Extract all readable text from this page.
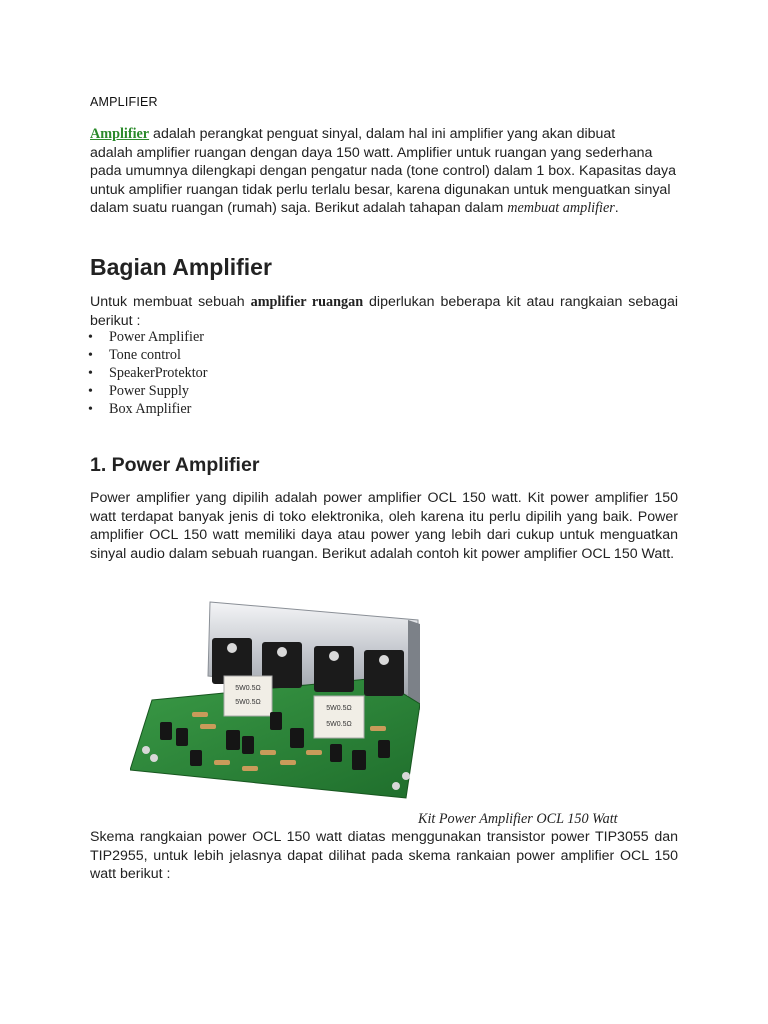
AMPLIFIER
Amplifier adalah perangkat penguat sinyal, dalam hal ini amplifier yang akan dibuat
adalah amplifier ruangan dengan daya 150 watt. Amplifier untuk ruangan yang sederhana pada umumnya dilengkapi dengan pengatur nada (tone control) dalam 1 box. Kapasitas daya untuk amplifier ruangan tidak perlu terlalu besar, karena digunakan untuk menguatkan sinyal dalam suatu ruangan (rumah) saja. Berikut adalah tahapan dalam membuat amplifier.
Bagian Amplifier
Untuk membuat sebuah amplifier ruangan diperlukan beberapa kit atau rangkaian sebagai berikut :
• Power Amplifier
• Tone control
• SpeakerProtektor
• Power Supply
• Box Amplifier
1. Power Amplifier
Power amplifier yang dipilih adalah power amplifier OCL 150 watt. Kit power amplifier 150 watt terdapat banyak jenis di toko elektronika, oleh karena itu perlu dipilih yang baik. Power amplifier OCL 150 watt memiliki daya atau power yang lebih dari cukup untuk menguatkan sinyal audio dalam sebuah ruangan. Berikut adalah contoh kit power amplifier OCL 150 Watt.
5W0.5Ω
5W0.5Ω
5W0.5Ω
5W0.5Ω
Kit Power Amplifier OCL 150 Watt
Skema rangkaian power OCL 150 watt diatas menggunakan transistor power TIP3055 dan TIP2955, untuk lebih jelasnya dapat dilihat pada skema rankaian power amplifier OCL 150 watt berikut :
